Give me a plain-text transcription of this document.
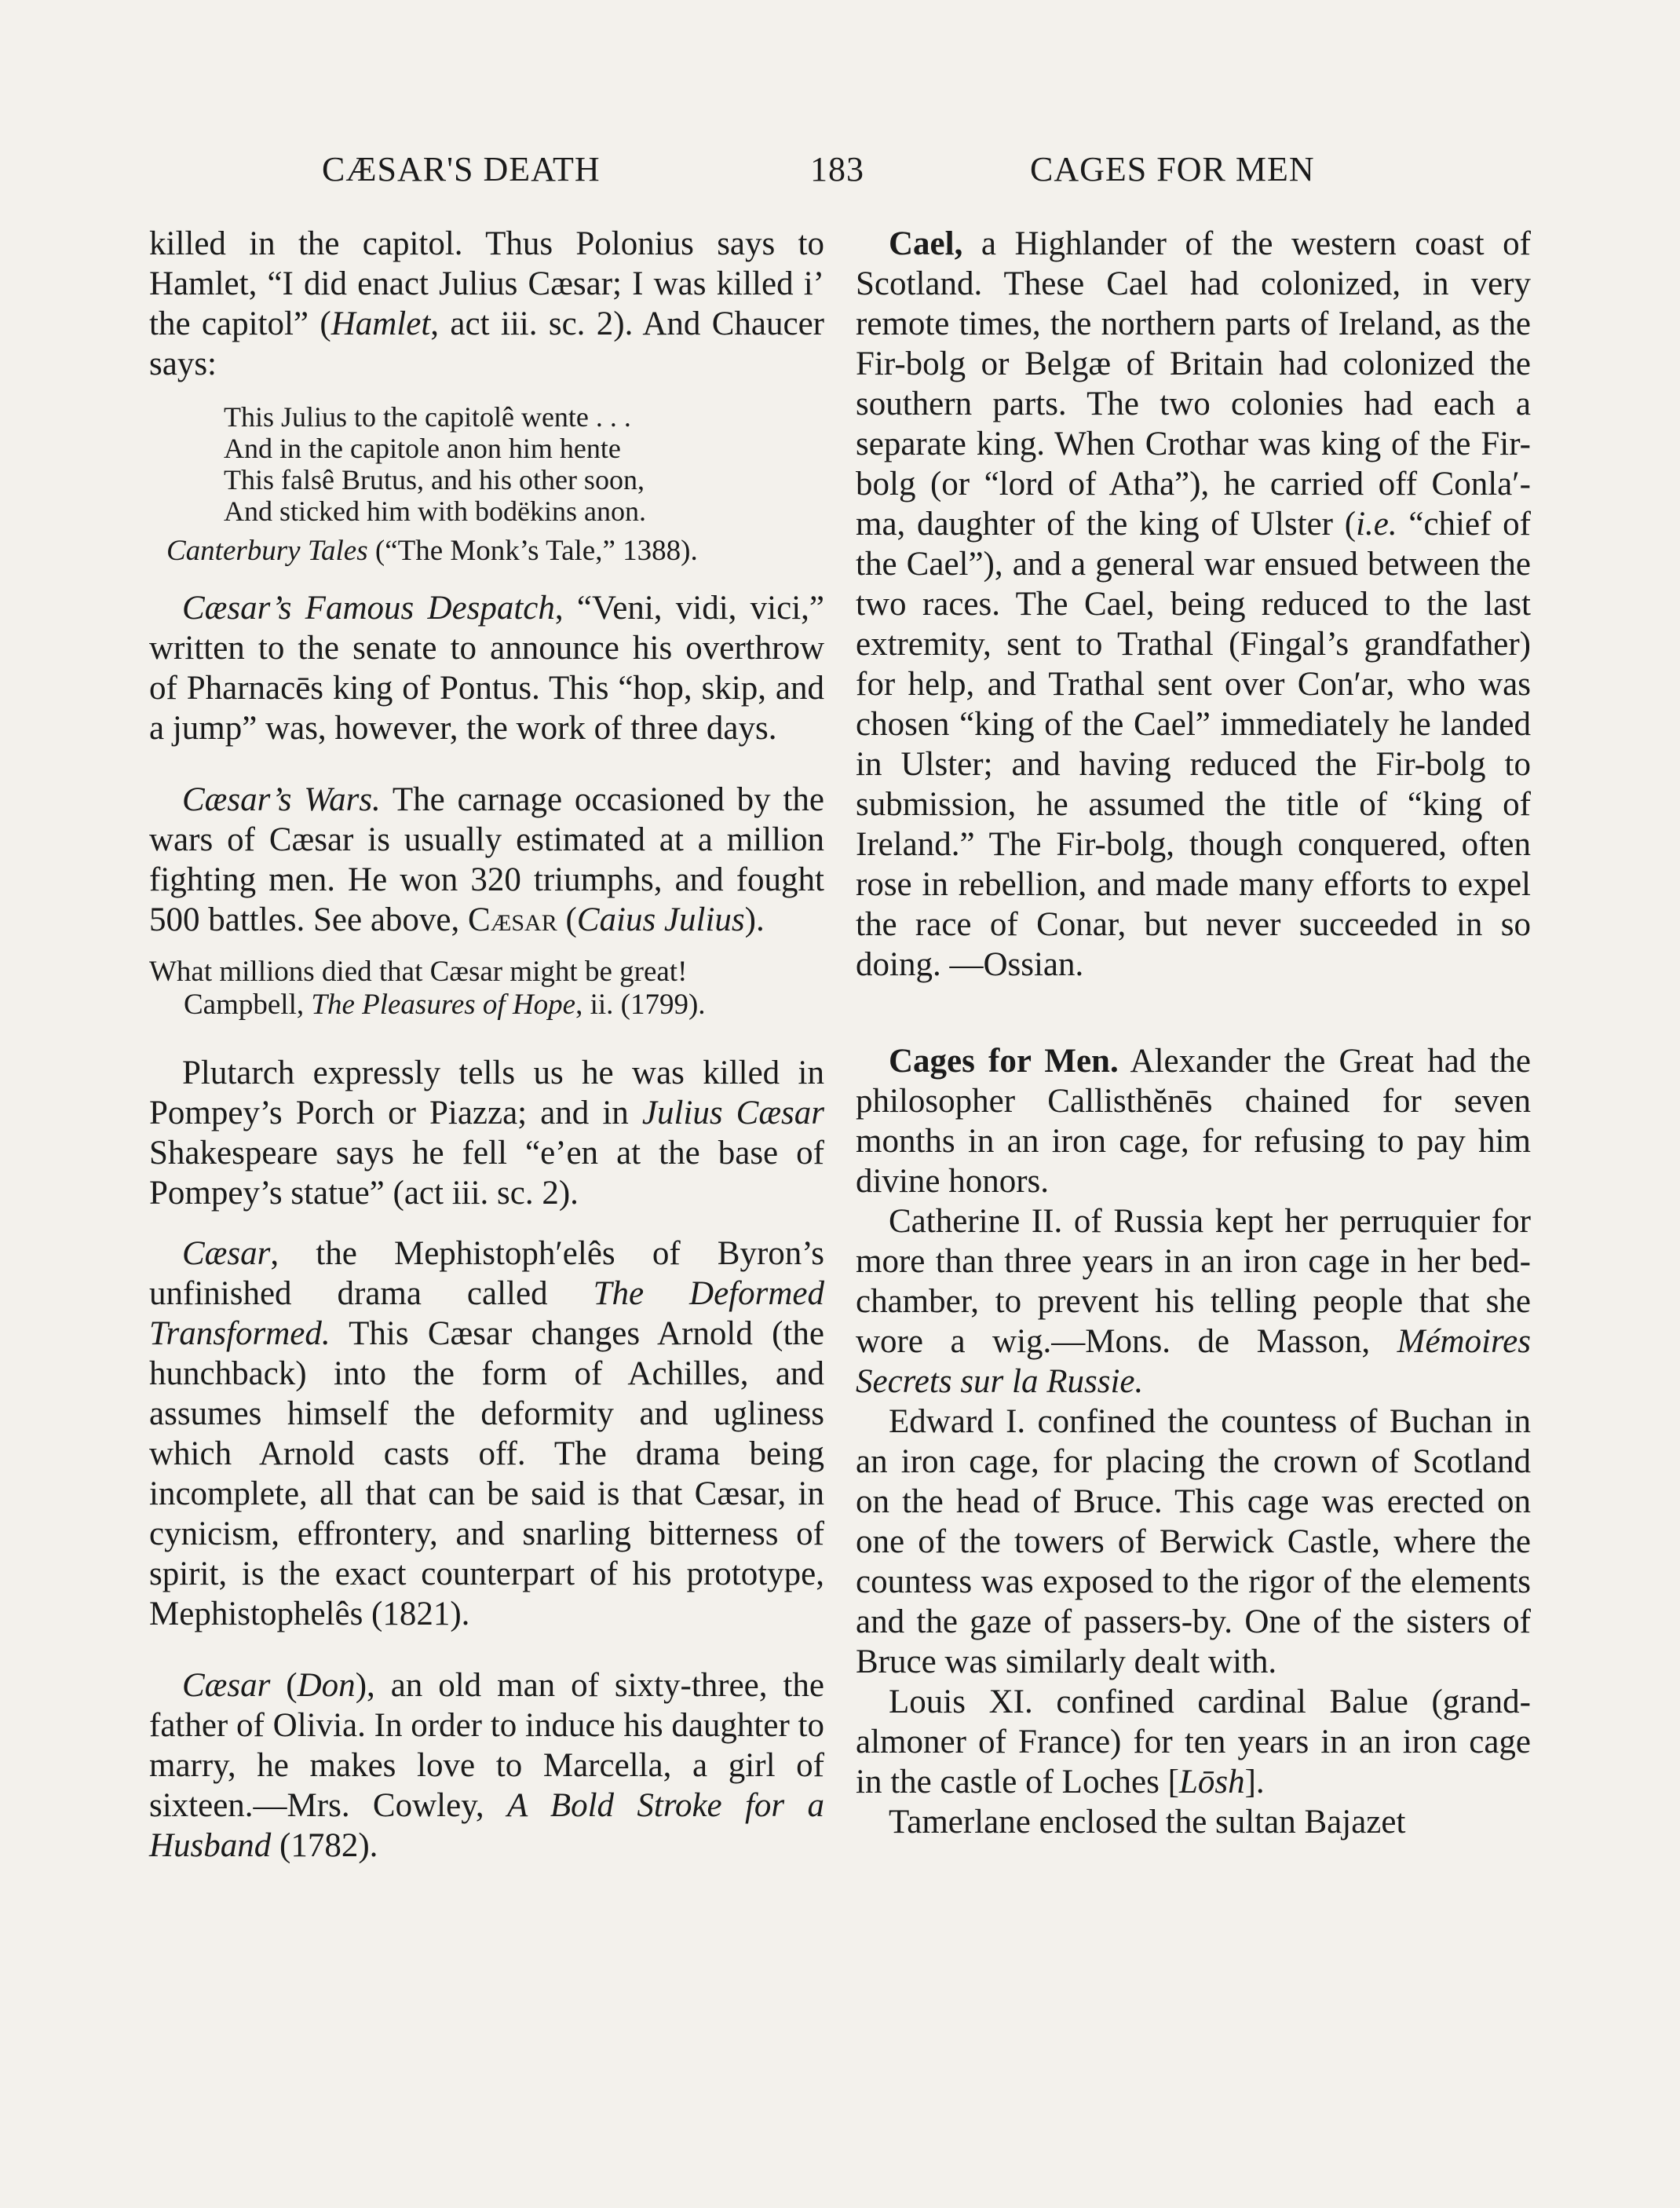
CÆSAR'S DEATH	183	CAGES FOR MEN

killed in the capitol. Thus Polonius says to Hamlet, “I did enact Julius Cæsar; I was killed i’ the capitol” (Hamlet, act iii. sc. 2). And Chaucer says:

This Julius to the capitolê wente . . .
And in the capitole anon him hente
This falsê Brutus, and his other soon,
And sticked him with bodëkins anon.
Canterbury Tales (“The Monk’s Tale,” 1388).

Cæsar’s Famous Despatch, “Veni, vidi, vici,” written to the senate to announce his overthrow of Pharnacēs king of Pontus. This “hop, skip, and a jump” was, however, the work of three days.

Cæsar’s Wars. The carnage occasioned by the wars of Cæsar is usually estimated at a million fighting men. He won 320 triumphs, and fought 500 battles. See above, Cæsar (Caius Julius).

What millions died that Cæsar might be great!
Campbell, The Pleasures of Hope, ii. (1799).

Plutarch expressly tells us he was killed in Pompey’s Porch or Piazza; and in Julius Cæsar Shakespeare says he fell “e’en at the base of Pompey’s statue” (act iii. sc. 2).

Cæsar, the Mephistoph′elês of Byron’s unfinished drama called The Deformed Transformed. This Cæsar changes Arnold (the hunchback) into the form of Achilles, and assumes himself the deformity and ugliness which Arnold casts off. The drama being incomplete, all that can be said is that Cæsar, in cynicism, effrontery, and snarling bitterness of spirit, is the exact counterpart of his prototype, Mephistophelês (1821).

Cæsar (Don), an old man of sixty-three, the father of Olivia. In order to induce his daughter to marry, he makes love to Marcella, a girl of sixteen.—Mrs. Cowley, A Bold Stroke for a Husband (1782).

Cael, a Highlander of the western coast of Scotland. These Cael had colonized, in very remote times, the northern parts of Ireland, as the Fir-bolg or Belgæ of Britain had colonized the southern parts. The two colonies had each a separate king. When Crothar was king of the Fir-bolg (or “lord of Atha”), he carried off Conla′-ma, daughter of the king of Ulster (i.e. “chief of the Cael”), and a general war ensued between the two races. The Cael, being reduced to the last extremity, sent to Trathal (Fingal’s grandfather) for help, and Trathal sent over Con′ar, who was chosen “king of the Cael” immediately he landed in Ulster; and having reduced the Fir-bolg to submission, he assumed the title of “king of Ireland.” The Fir-bolg, though conquered, often rose in rebellion, and made many efforts to expel the race of Conar, but never succeeded in so doing. —Ossian.

Cages for Men. Alexander the Great had the philosopher Callisthĕnēs chained for seven months in an iron cage, for refusing to pay him divine honors.

Catherine II. of Russia kept her perruquier for more than three years in an iron cage in her bed-chamber, to prevent his telling people that she wore a wig.—Mons. de Masson, Mémoires Secrets sur la Russie.

Edward I. confined the countess of Buchan in an iron cage, for placing the crown of Scotland on the head of Bruce. This cage was erected on one of the towers of Berwick Castle, where the countess was exposed to the rigor of the elements and the gaze of passers-by. One of the sisters of Bruce was similarly dealt with.

Louis XI. confined cardinal Balue (grand-almoner of France) for ten years in an iron cage in the castle of Loches [Lōsh].

Tamerlane enclosed the sultan Bajazet
